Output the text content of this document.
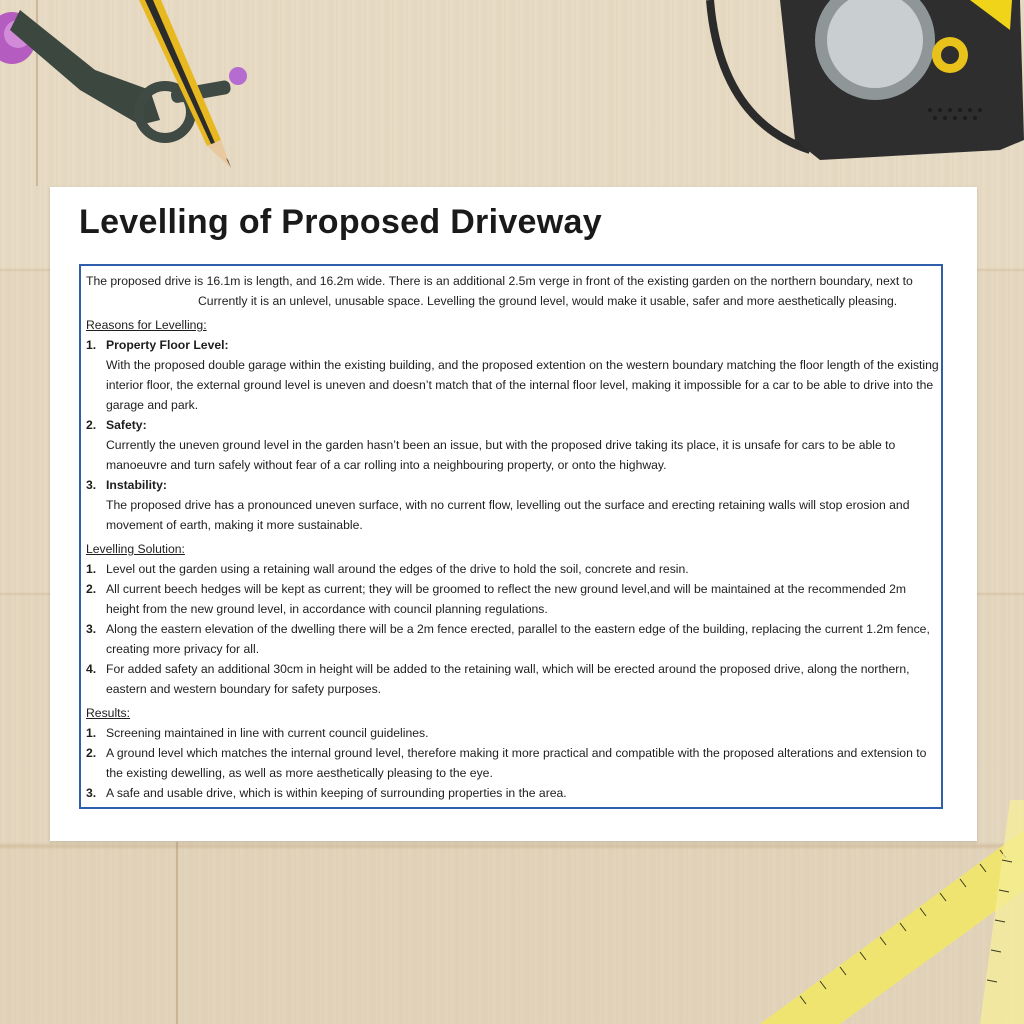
Levelling of Proposed Driveway

The proposed drive is 16.1m is length, and 16.2m wide. There is an additional 2.5m verge in front of the existing garden on the northern boundary, next toCurrently it is an unlevel, unusable space. Levelling the ground level, would make it usable, safer and more aesthetically pleasing.

Reasons for Levelling:

1. Property Floor Level:

With the proposed double garage within the existing building, and the proposed extention on the western boundary matching the floor length of the existing interior floor, the external ground level is uneven and doesn’t match that of the internal floor level, making it impossible for a car to be able to drive into the garage and park.

2. Safety:

Currently the uneven ground level in the garden hasn’t been an issue, but with the proposed drive taking its place, it is unsafe for cars to be able to manoeuvre and turn safely without fear of a car rolling into a neighbouring property, or onto the highway.

3. Instability:

The proposed drive has a pronounced uneven surface, with no current flow, levelling out the surface and erecting retaining walls will stop erosion and movement of earth, making it more sustainable.

Levelling Solution:

1. Level out the garden using a retaining wall around the edges of the drive to hold the soil, concrete and resin.
2. All current beech hedges will be kept as current; they will be groomed to reflect the new ground level,and will be maintained at the recommended 2m height from the new ground level, in accordance with council planning regulations.
3. Along the eastern elevation of the dwelling there will be a 2m fence erected, parallel to the eastern edge of the building, replacing the current 1.2m fence, creating more privacy for all.
4. For added safety an additional 30cm in height will be added to the retaining wall, which will be erected around the proposed drive, along the northern, eastern and western boundary for safety purposes.

Results:

1. Screening maintained in line with current council guidelines.
2. A ground level which matches the internal ground level, therefore making it more practical and compatible with the proposed alterations and extension to the existing dewelling, as well as more aesthetically pleasing to the eye.
3. A safe and usable drive, which is within keeping of surrounding properties in the area.
